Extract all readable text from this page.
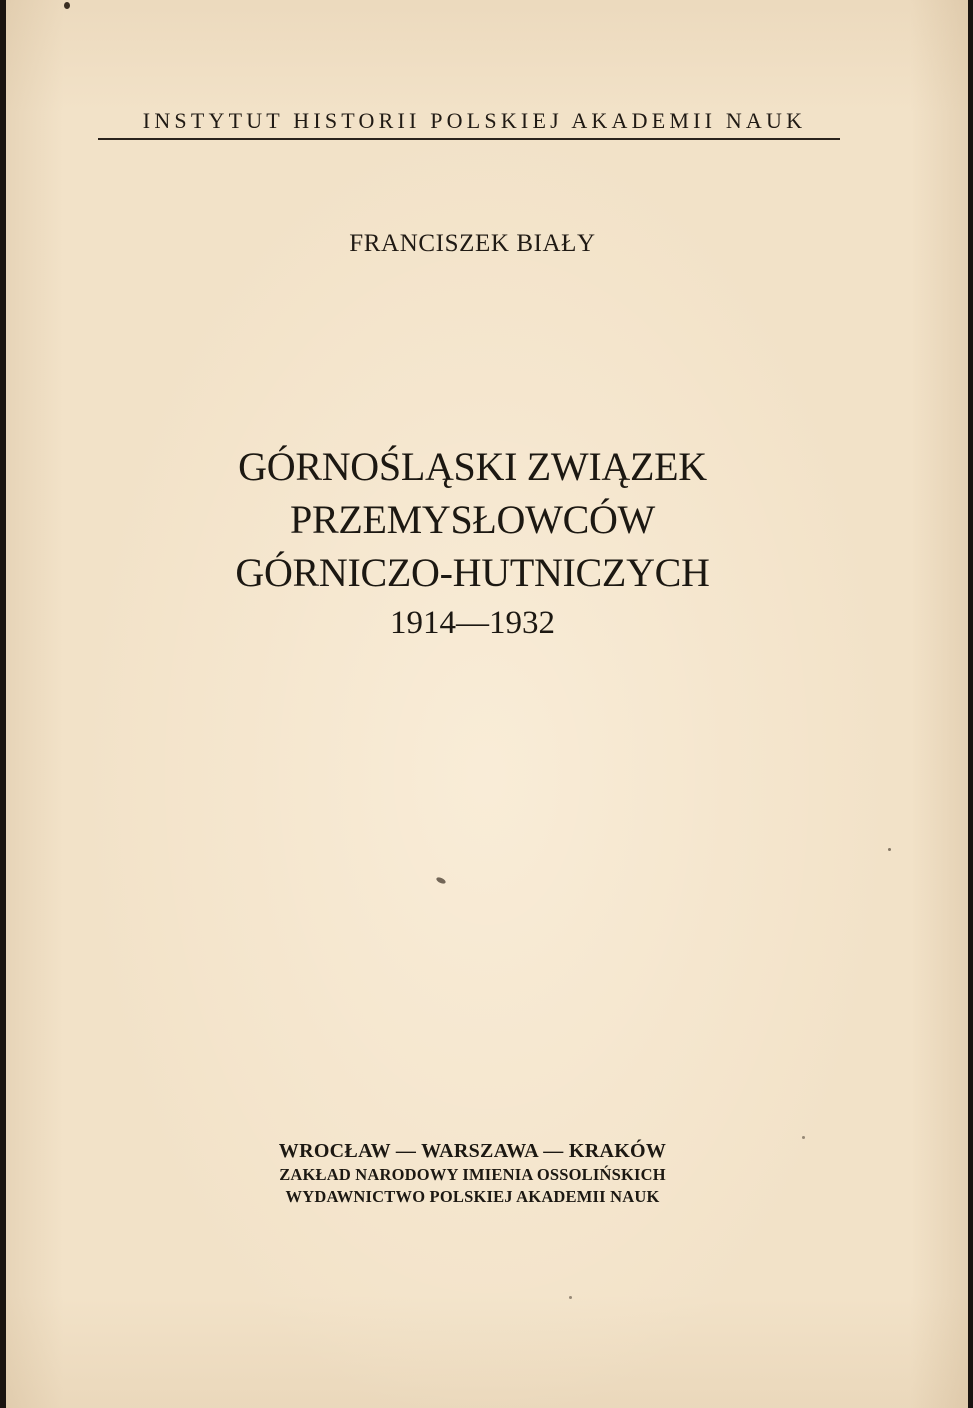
INSTYTUT HISTORII POLSKIEJ AKADEMII NAUK
FRANCISZEK BIAŁY
GÓRNOŚLĄSKI ZWIĄZEK
PRZEMYSŁOWCÓW
GÓRNICZO-HUTNICZYCH
1914—1932
WROCŁAW — WARSZAWA — KRAKÓW
ZAKŁAD NARODOWY IMIENIA OSSOLIŃSKICH
WYDAWNICTWO POLSKIEJ AKADEMII NAUK
